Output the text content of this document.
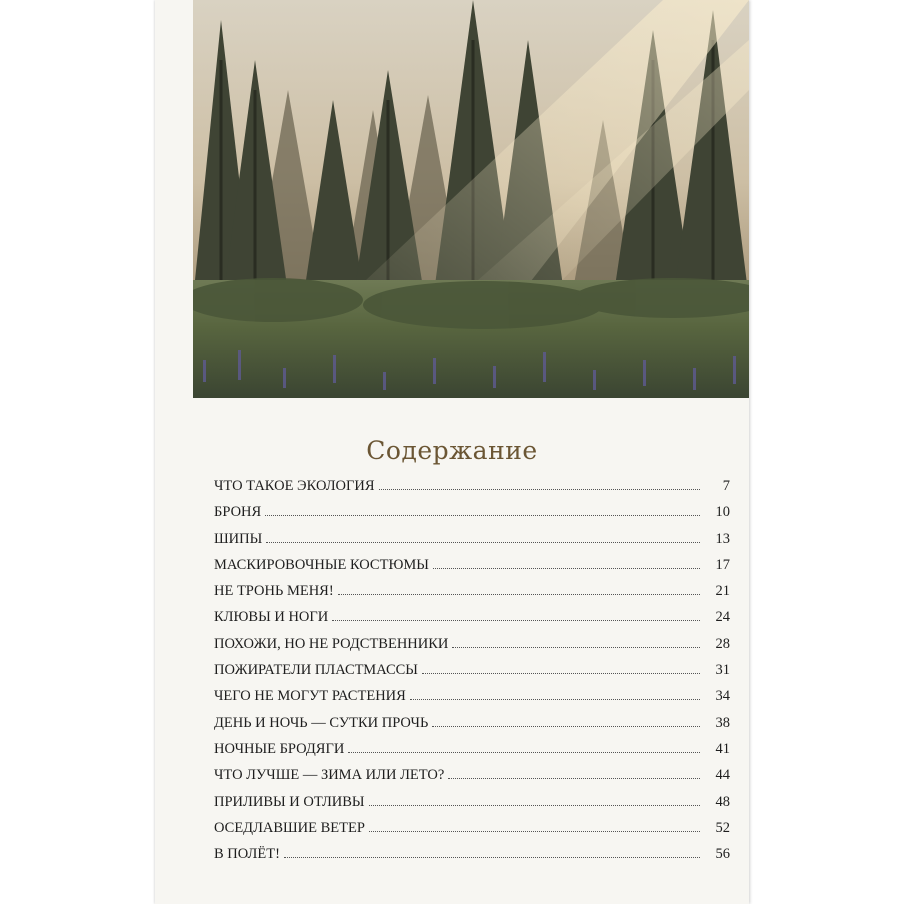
Содержание
ЧТО ТАКОЕ ЭКОЛОГИЯ	7
БРОНЯ	10
ШИПЫ	13
МАСКИРОВОЧНЫЕ КОСТЮМЫ	17
НЕ ТРОНЬ МЕНЯ!	21
КЛЮВЫ И НОГИ	24
ПОХОЖИ, НО НЕ РОДСТВЕННИКИ	28
ПОЖИРАТЕЛИ ПЛАСТМАССЫ	31
ЧЕГО НЕ МОГУТ РАСТЕНИЯ	34
ДЕНЬ И НОЧЬ — СУТКИ ПРОЧЬ	38
НОЧНЫЕ БРОДЯГИ	41
ЧТО ЛУЧШЕ — ЗИМА ИЛИ ЛЕТО?	44
ПРИЛИВЫ И ОТЛИВЫ	48
ОСЕДЛАВШИЕ ВЕТЕР	52
В ПОЛЁТ!	56
